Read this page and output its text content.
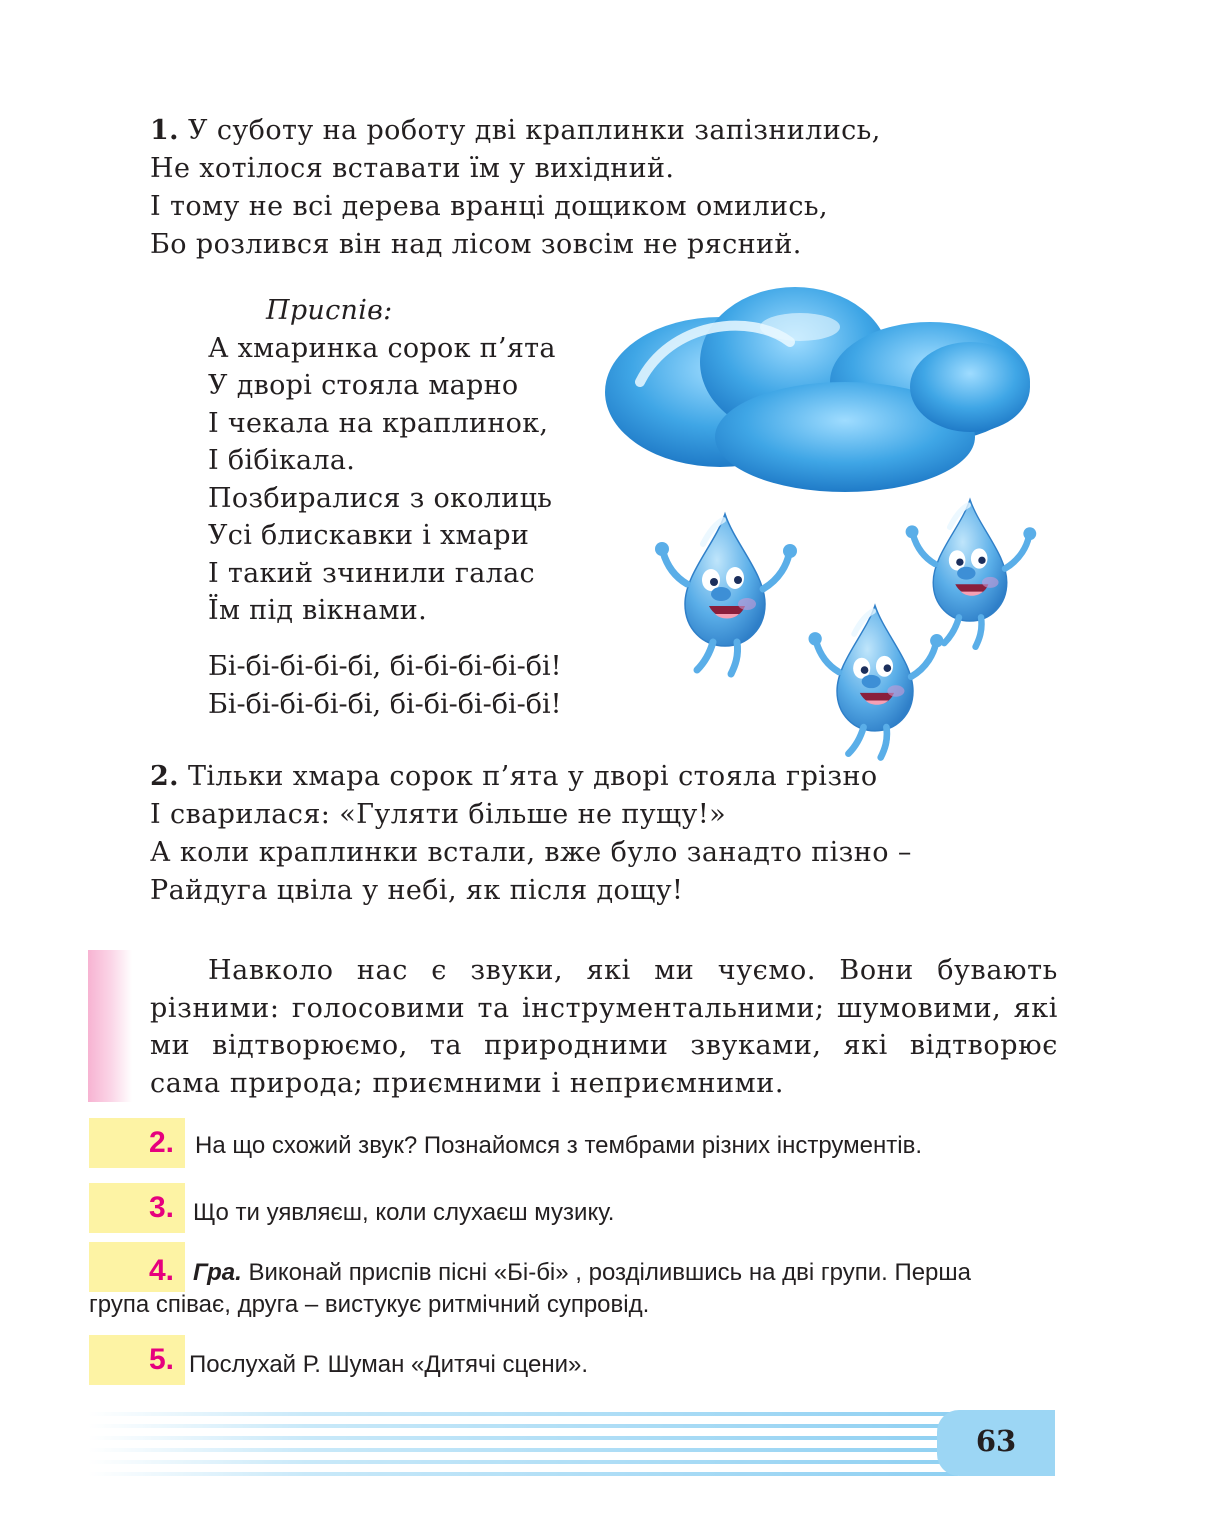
1. У суботу на роботу дві краплинки запізнились,
Не хотілося вставати їм у вихідний.
І тому не всі дерева вранці дощиком омились,
Бо розлився він над лісом зовсім не рясний.
Приспів:
А хмаринка сорок п’ята
У дворі стояла марно
І чекала на краплинок,
І бібікала.
Позбиралися з околиць
Усі блискавки і хмари
І такий зчинили галас
Їм під вікнами.
Бі-бі-бі-бі-бі, бі-бі-бі-бі-бі!
Бі-бі-бі-бі-бі, бі-бі-бі-бі-бі!
2. Тільки хмара сорок п’ята у дворі стояла грізно
І сварилася: «Гуляти більше не пущу!»
А коли краплинки встали, вже було занадто пізно –
Райдуга цвіла у небі, як після дощу!
Навколо нас є звуки, які ми чуємо. Вони бувають різними: голосовими та інструментальними; шумовими, які ми відтворюємо, та природними звуками, які відтворює сама природа; приємними і неприємними.
2. На що схожий звук? Познайомся з тембрами різних інструментів.
3. Що ти уявляєш, коли слухаєш музику.
4. Гра. Виконай приспів пісні «Бі-бі» , розділившись на дві групи. Перша
група співає, друга – вистукує ритмічний супровід.
5. Послухай Р. Шуман «Дитячі сцени».
63
